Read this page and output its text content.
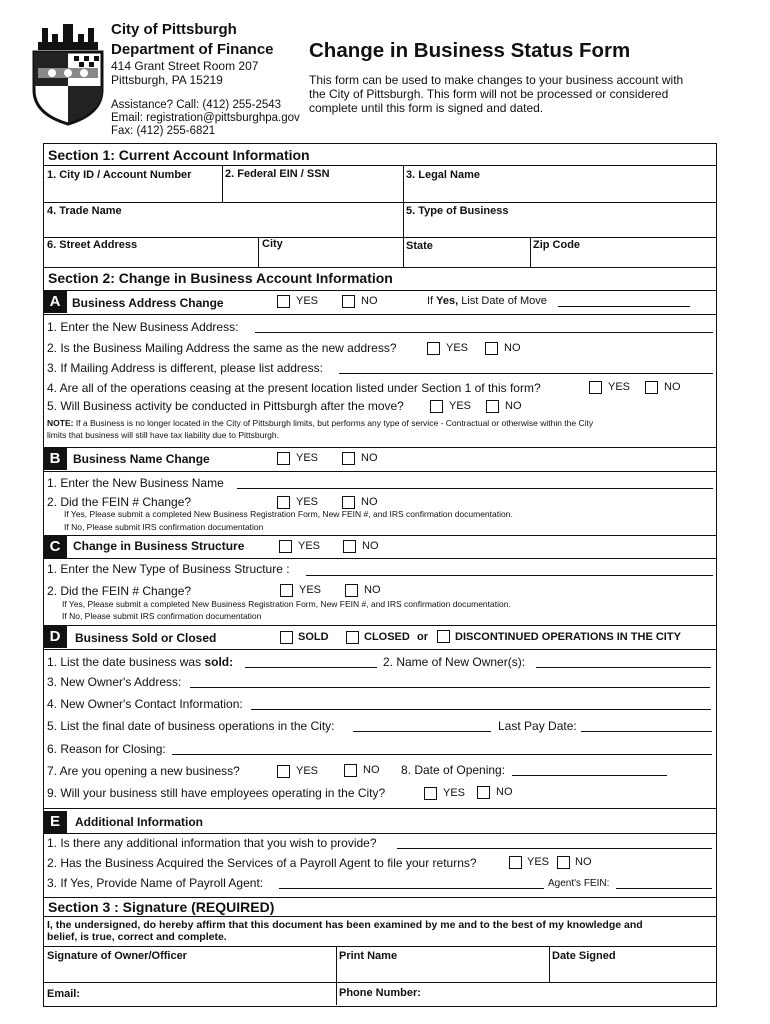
City of Pittsburgh
Department of Finance
414 Grant Street Room 207
Pittsburgh, PA 15219
Assistance? Call: (412) 255-2543
Email: registration@pittsburghpa.gov
Fax: (412) 255-6821
Change in Business Status Form
This form can be used to make changes to your business account with
the City of Pittsburgh. This form will not be processed or considered
complete until this form is signed and dated.
Section 1: Current Account Information
1. City ID / Account Number	2. Federal EIN / SSN	3. Legal Name
4. Trade Name	5. Type of Business
6. Street Address	City	State	Zip Code
Section 2: Change in Business Account Information
A Business Address Change	YES	NO	If Yes, List Date of Move
1. Enter the New Business Address:
2. Is the Business Mailing Address the same as the new address?	YES	NO
3. If Mailing Address is different, please list address:
4. Are all of the operations ceasing at the present location listed under Section 1 of this form?	YES	NO
5. Will Business activity be conducted in Pittsburgh after the move?	YES	NO
NOTE: If a Business is no longer located in the City of Pittsburgh limits, but performs any type of service - Contractual or otherwise within the City
limits that business will still have tax liability due to Pittsburgh.
B	Business Name Change	YES	NO
1. Enter the New Business Name
2. Did the FEIN # Change?	YES	NO
If Yes, Please submit a completed New Business Registration Form, New FEIN #, and IRS confirmation documentation.
If No, Please submit IRS confirmation documentation
C	Change in Business Structure	YES	NO
1. Enter the New Type of Business Structure :
2. Did the FEIN # Change?	YES	NO
If Yes, Please submit a completed New Business Registration Form, New FEIN #, and IRS confirmation documentation.
If No, Please submit IRS confirmation documentation
D	Business Sold or Closed	SOLD	CLOSED or DISCONTINUED OPERATIONS IN THE CITY
1. List the date business was sold:	2. Name of New Owner(s):
3. New Owner's Address:
4. New Owner's Contact Information:
5. List the final date of business operations in the City:	Last Pay Date:
6. Reason for Closing:
7. Are you opening a new business?	YES	NO 8. Date of Opening:
9. Will your business still have employees operating in the City?	YES	NO
E	Additional Information
1. Is there any additional information that you wish to provide?
2. Has the Business Acquired the Services of a Payroll Agent to file your returns?	YES NO
3. If Yes, Provide Name of Payroll Agent:	Agent's FEIN:
Section 3 : Signature (REQUIRED)
I, the undersigned, do hereby affirm that this document has been examined by me and to the best of my knowledge and
belief, is true, correct and complete.
Signature of Owner/Officer	Print Name	Date Signed
Email:	Phone Number:
